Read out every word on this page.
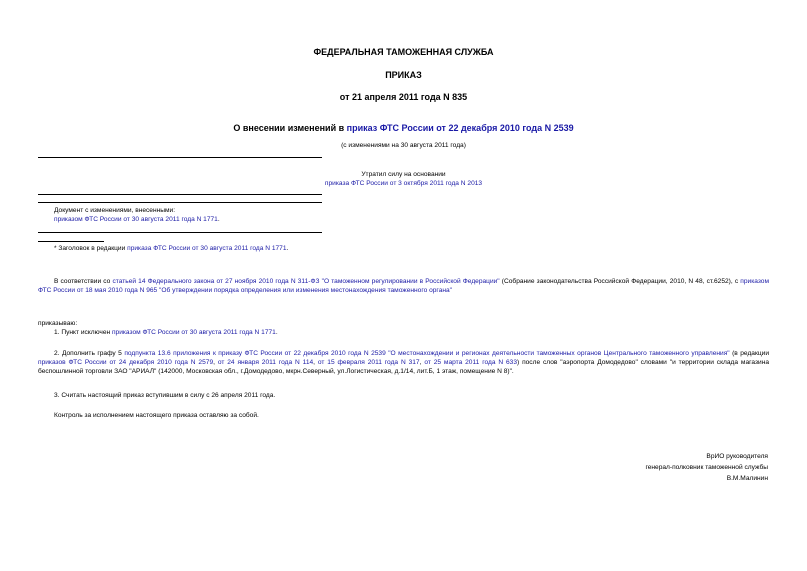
ФЕДЕРАЛЬНАЯ ТАМОЖЕННАЯ СЛУЖБА
ПРИКАЗ
от 21 апреля 2011 года N 835
О внесении изменений в приказ ФТС России от 22 декабря 2010 года N 2539
(с изменениями на 30 августа 2011 года)
Утратил силу на основании
приказа ФТС России от 3 октября 2011 года N 2013
Документ с изменениями, внесенными:
приказом ФТС России от 30 августа 2011 года N 1771.
* Заголовок в редакции приказа ФТС России от 30 августа 2011 года N 1771.
В соответствии со статьей 14 Федерального закона от 27 ноября 2010 года N 311-ФЗ "О таможенном регулировании в Российской Федерации" (Собрание законодательства Российской Федерации, 2010, N 48, ст.6252), с приказом ФТС России от 18 мая 2010 года N 965 "Об утверждении порядка определения или изменения местонахождения таможенного органа"
приказываю:
1. Пункт исключен приказом ФТС России от 30 августа 2011 года N 1771.
2. Дополнить графу 5 подпункта 13.6 приложения к приказу ФТС России от 22 декабря 2010 года N 2539 "О местонахождении и регионах деятельности таможенных органов Центрального таможенного управления" (в редакции приказов ФТС России от 24 декабря 2010 года N 2579, от 24 января 2011 года N 114, от 15 февраля 2011 года N 317, от 25 марта 2011 года N 633) после слов "аэропорта Домодедово" словами "и территории склада магазина беспошлинной торговли ЗАО "АРИАЛ" (142000, Московская обл., г.Домодедово, мкрн.Северный, ул.Логистическая, д.1/14, лит.Б, 1 этаж, помещение N 8)".
3. Считать настоящий приказ вступившим в силу с 26 апреля 2011 года.
Контроль за исполнением настоящего приказа оставляю за собой.
ВрИО руководителя
генерал-полковник таможенной службы
В.М.Малинин
